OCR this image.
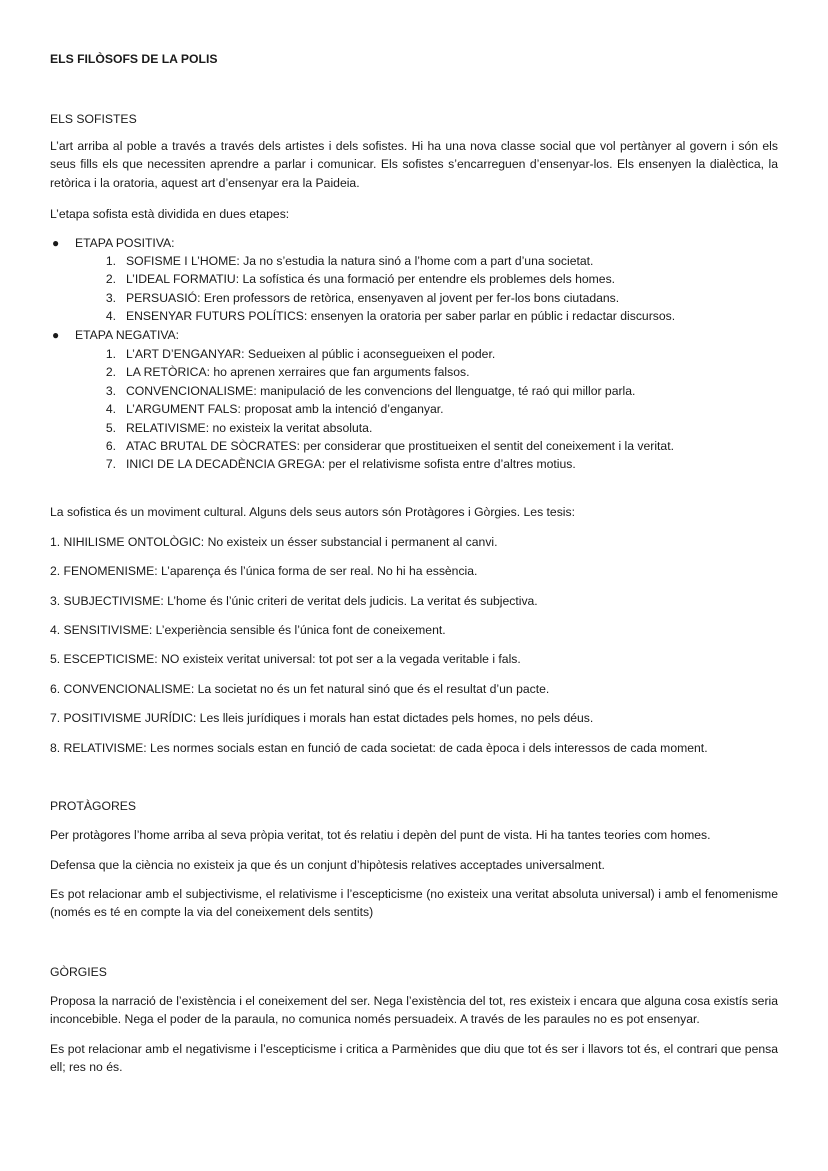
ELS FILÒSOFS DE LA POLIS
ELS SOFISTES

L’art arriba al poble a través a través dels artistes i dels sofistes. Hi ha una nova classe social que vol pertànyer al govern i són els seus fills els que necessiten aprendre a parlar i comunicar. Els sofistes s’encarreguen d’ensenyar-los. Els ensenyen la dialèctica, la retòrica i la oratoria, aquest art d’ensenyar era la Paideia.

L’etapa sofista està dividida en dues etapes:
● ETAPA POSITIVA:
1. SOFISME I L’HOME: Ja no s’estudia la natura sinó a l’home com a part d’una societat.
2. L’IDEAL FORMATIU: La sofística és una formació per entendre els problemes dels homes.
3. PERSUASIÓ: Eren professors de retòrica, ensenyaven al jovent per fer-los bons ciutadans.
4. ENSENYAR FUTURS POLÍTICS: ensenyen la oratoria per saber parlar en públic i redactar discursos.
● ETAPA NEGATIVA:
1. L’ART D’ENGANYAR: Sedueixen al públic i aconsegueixen el poder.
2. LA RETÒRICA: ho aprenen xerraires que fan arguments falsos.
3. CONVENCIONALISME: manipulació de les convencions del llenguatge, té raó qui millor parla.
4. L’ARGUMENT FALS: proposat amb la intenció d’enganyar.
5. RELATIVISME: no existeix la veritat absoluta.
6. ATAC BRUTAL DE SÒCRATES: per considerar que prostitueixen el sentit del coneixement i la veritat.
7. INICI DE LA DECADÈNCIA GREGA: per el relativisme sofista entre d’altres motius.
La sofistica és un moviment cultural. Alguns dels seus autors són Protàgores i Gòrgies. Les tesis:
1. NIHILISME ONTOLÒGIC: No existeix un ésser substancial i permanent al canvi.
2. FENOMENISME: L’aparença és l’única forma de ser real. No hi ha essència.
3. SUBJECTIVISME: L’home és l’únic criteri de veritat dels judicis. La veritat és subjectiva.
4. SENSITIVISME: L’experiència sensible és l’única font de coneixement.
5. ESCEPTICISME: NO existeix veritat universal: tot pot ser a la vegada veritable i fals.
6. CONVENCIONALISME: La societat no és un fet natural sinó que és el resultat d’un pacte.
7. POSITIVISME JURÍDIC: Les lleis jurídiques i morals han estat dictades pels homes, no pels déus.
8. RELATIVISME: Les normes socials estan en funció de cada societat: de cada època i dels interessos de cada moment.
PROTÀGORES

Per protàgores l’home arriba al seva pròpia veritat, tot és relatiu i depèn del punt de vista. Hi ha tantes teories com homes.

Defensa que la ciència no existeix ja que és un conjunt d’hipòtesis relatives acceptades universalment.

Es pot relacionar amb el subjectivisme, el relativisme i l’escepticisme (no existeix una veritat absoluta universal) i amb el fenomenisme (només es té en compte la via del coneixement dels sentits)

GÒRGIES

Proposa la narració de l’existència i el coneixement del ser. Nega l’existència del tot, res existeix i encara que alguna cosa existís seria inconcebible. Nega el poder de la paraula, no comunica només persuadeix. A través de les paraules no es pot ensenyar.

Es pot relacionar amb el negativisme i l’escepticisme i critica a Parmènides que diu que tot és ser i llavors tot és, el contrari que pensa ell; res no és.
